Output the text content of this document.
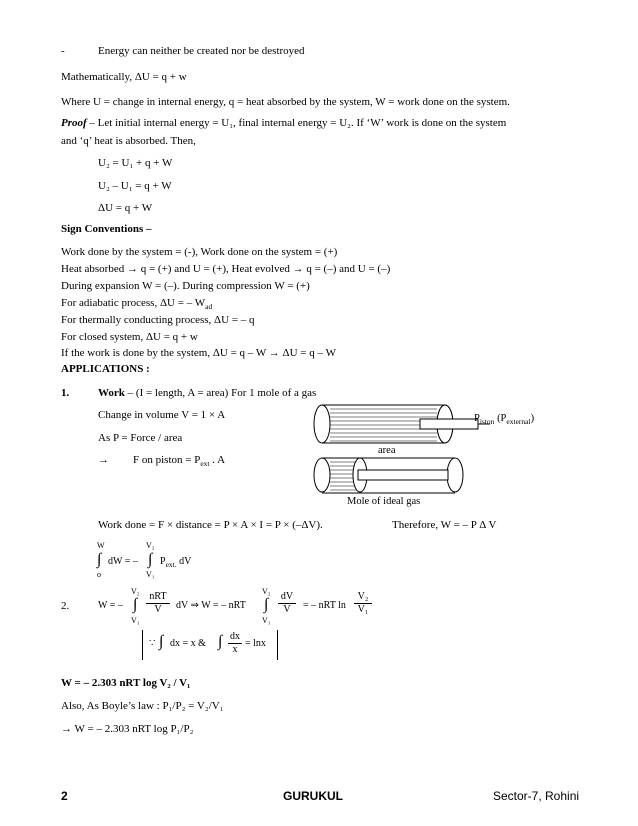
-	Energy can neither be created nor be destroyed
Mathematically, ΔU = q + w
Where U = change in internal energy, q = heat absorbed by the system, W = work done on the system.
Proof – Let initial internal energy = U₁, final internal energy = U₂. If ‘W’ work is done on the system
and ‘q’ heat is absorbed. Then,
U₂ = U₁ + q + W
U₂ – U₁ = q + W
ΔU = q + W
Sign Conventions –
Work done by the system = (-), Work done on the system = (+)
Heat absorbed → q = (+) and U = (+), Heat evolved → q = (–) and U = (–)
During expansion W = (–). During compression W = (+)
For adiabatic process, ΔU = – $W_{ad}$
For thermally conducting process, ΔU = – q
For closed system, ΔU = q + w
If the work is done by the system, ΔU = q – W → ΔU = q – W
APPLICATIONS :
1.	Work – (I = length, A = area) For 1 mole of a gas
Change in volume V = 1 × A
As P = Force / area
→ F on piston = $P_{ext}$ . A
$P_{iston}$ $(P_{external})$
area
Mole of ideal gas
Work done = F × distance = P × A × I = P × (–ΔV).	Therefore, W = – P Δ V
W
∫
o
dW = –
V₂
∫
V₁
$P_{ext.}$ dV
2.	W = –
V₂
∫
V₁
nRT
V	dV ⇒ W = – nRT
V₂
∫
V₁
$\frac{dV}{V}$ = – nRT $\ln \frac{\text{V₂}}{\text{V₁}}$
∵ ∫ dx = x & ∫ $\frac{dx}{x} = \ln x$
W = – 2.303 nRT log V₂ / V₁
Also, As Boyle’s law : P₁/P₂ = V₂/V₁
→ W = – 2.303 nRT log P₁/P₂
2	GURUKUL	Sector-7, Rohini
